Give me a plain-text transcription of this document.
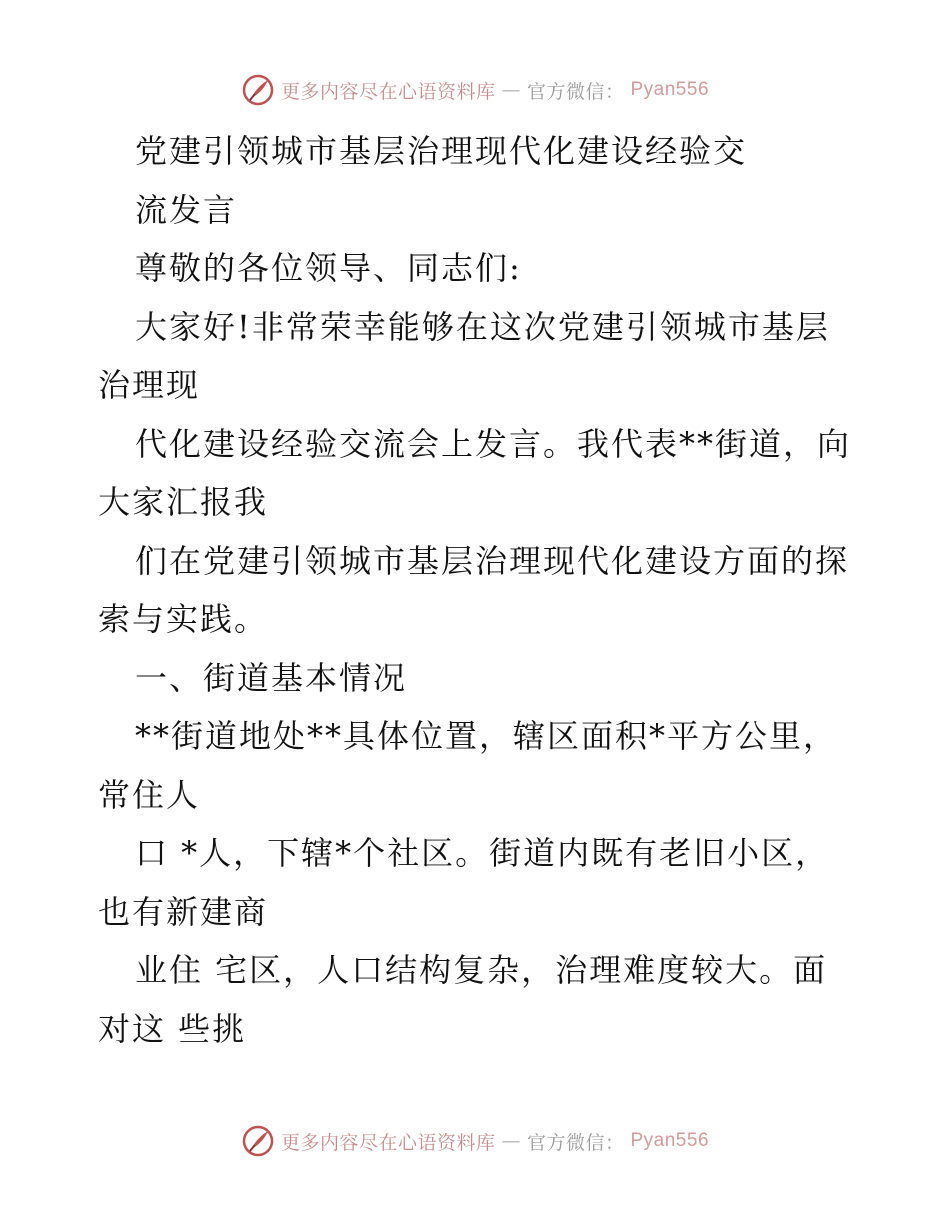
更多内容尽在心语资料库 — 官方微信： Pyan556
党建引领城市基层治理现代化建设经验交
流发言
尊敬的各位领导、同志们:
大家好!非常荣幸能够在这次党建引领城市基层
治理现
代化建设经验交流会上发言。我代表**街道，向
大家汇报我
们在党建引领城市基层治理现代化建设方面的探
索与实践。
一、街道基本情况
**街道地处**具体位置，辖区面积*平方公里，
常住人
口 *人，下辖*个社区。街道内既有老旧小区，
也有新建商
业住 宅区，人口结构复杂，治理难度较大。面
对这 些挑
更多内容尽在心语资料库 — 官方微信： Pyan556
